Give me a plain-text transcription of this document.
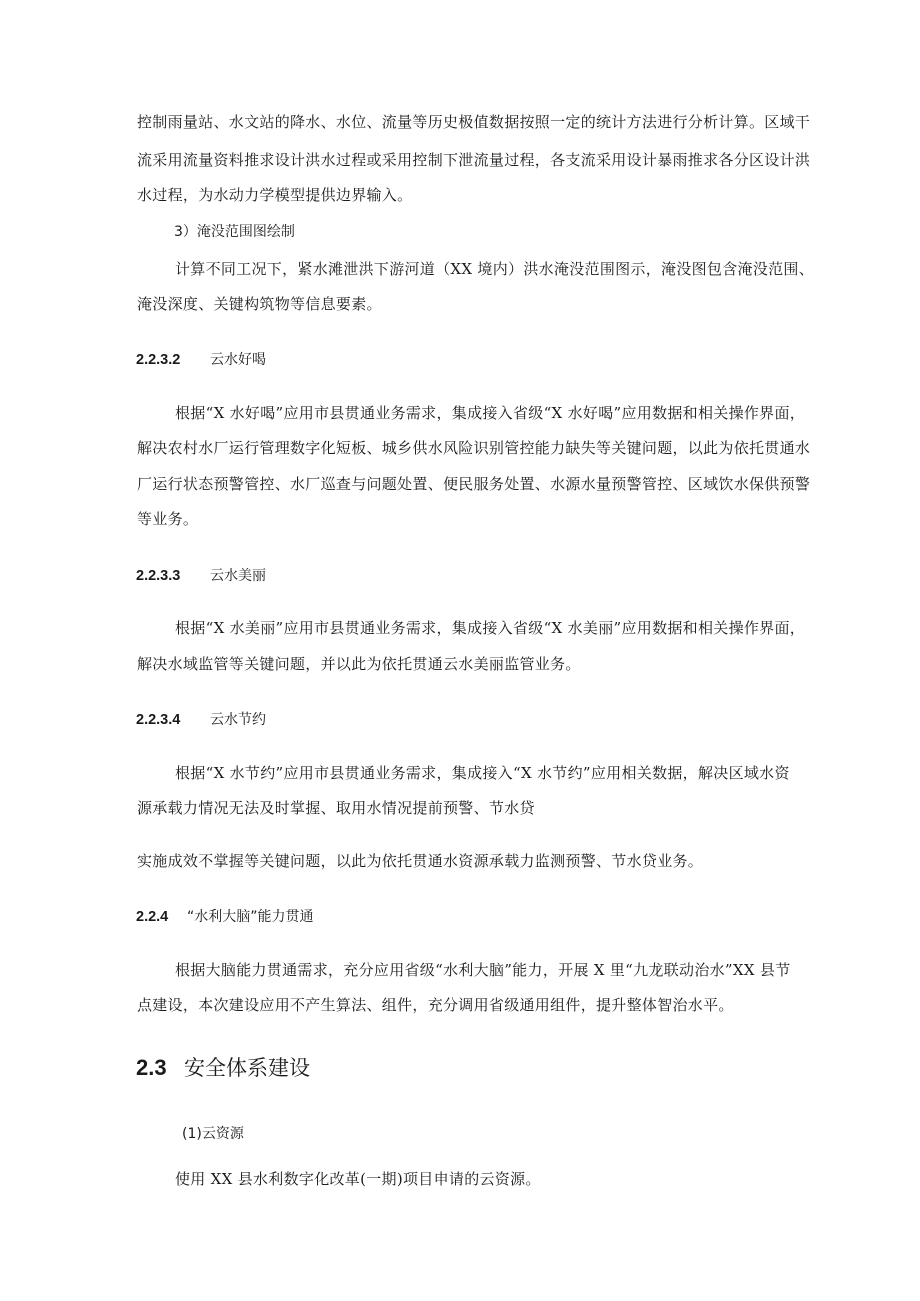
控制雨量站、水文站的降水、水位、流量等历史极值数据按照一定的统计方法进行分析计算。区域干
流采用流量资料推求设计洪水过程或采用控制下泄流量过程，各支流采用设计暴雨推求各分区设计洪
水过程，为水动力学模型提供边界输入。
3）淹没范围图绘制
计算不同工况下，紧水滩泄洪下游河道（XX 境内）洪水淹没范围图示，淹没图包含淹没范围、
淹没深度、关键构筑物等信息要素。
2.2.3.2 云水好喝
根据“X 水好喝”应用市县贯通业务需求，集成接入省级“X 水好喝”应用数据和相关操作界面，
解决农村水厂运行管理数字化短板、城乡供水风险识别管控能力缺失等关键问题，以此为依托贯通水
厂运行状态预警管控、水厂巡查与问题处置、便民服务处置、水源水量预警管控、区域饮水保供预警
等业务。
2.2.3.3 云水美丽
根据“X 水美丽”应用市县贯通业务需求，集成接入省级“X 水美丽”应用数据和相关操作界面，
解决水域监管等关键问题，并以此为依托贯通云水美丽监管业务。
2.2.3.4 云水节约
根据“X 水节约”应用市县贯通业务需求，集成接入“X 水节约”应用相关数据，解决区域水资
源承载力情况无法及时掌握、取用水情况提前预警、节水贷
实施成效不掌握等关键问题，以此为依托贯通水资源承载力监测预警、节水贷业务。
2.2.4 “水利大脑”能力贯通
根据大脑能力贯通需求，充分应用省级“水利大脑”能力，开展 X 里“九龙联动治水”XX 县节
点建设，本次建设应用不产生算法、组件，充分调用省级通用组件，提升整体智治水平。
2.3 安全体系建设
(1)云资源
使用 XX 县水利数字化改革(一期)项目申请的云资源。
